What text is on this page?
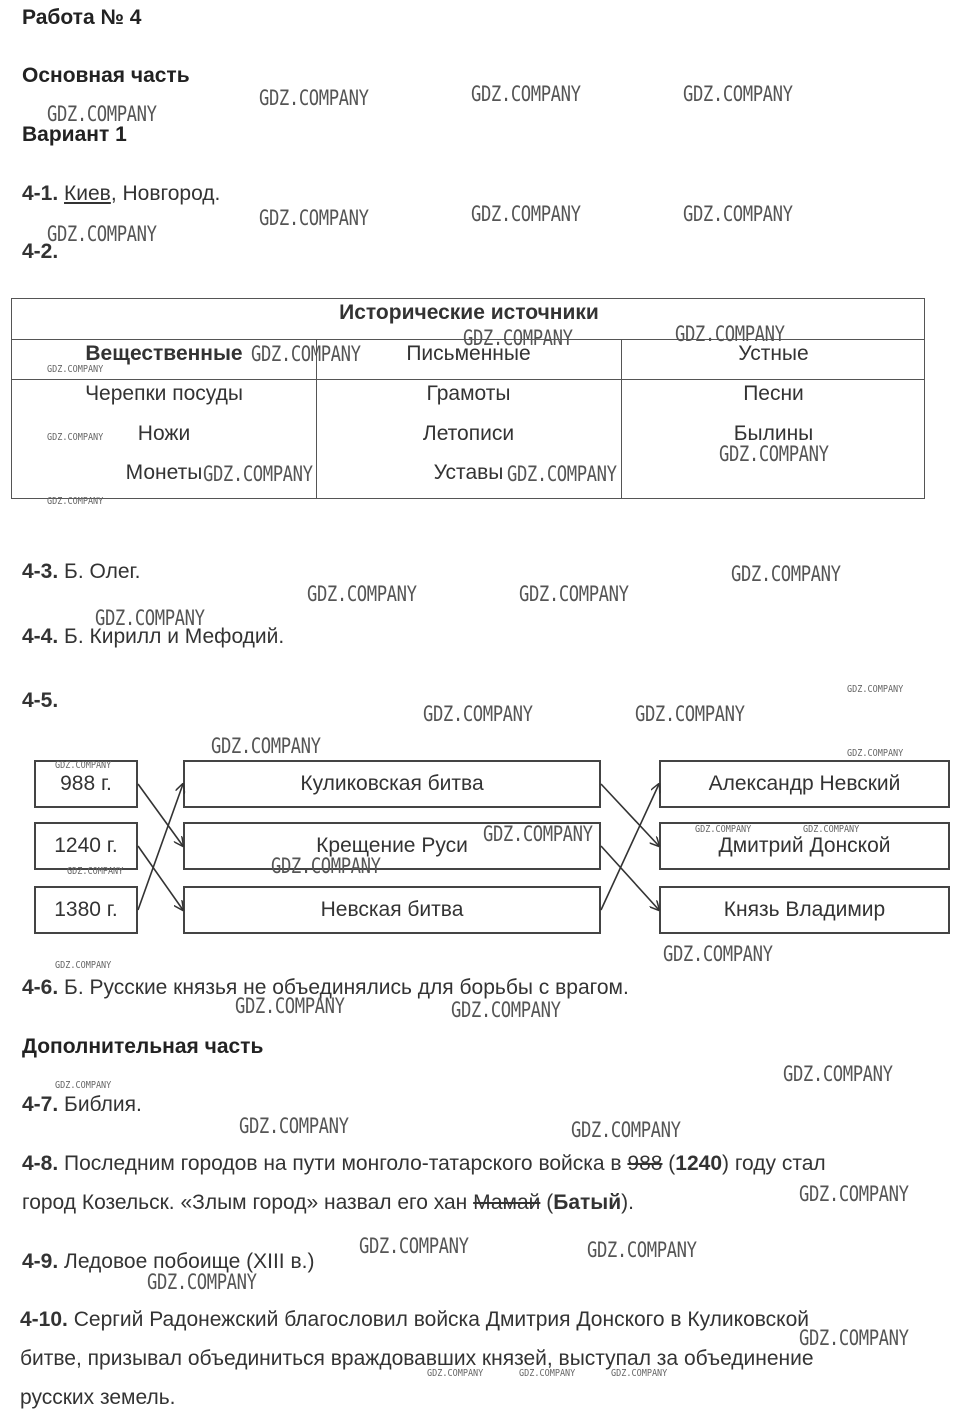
Работа № 4
Основная часть
Вариант 1
4-1. Киев, Новгород.
4-2.
Исторические источники
Вещественные	Письменные	Устные
Черепки посуды	Грамоты	Песни
Ножи	Летописи	Былины
Монеты	Уставы
4-3. Б. Олег.
4-4. Б. Кирилл и Мефодий.
4-5.
988 г.
1240 г.
1380 г.
Куликовская битва
Крещение Руси
Невская битва
Александр Невский
Дмитрий Донской
Князь Владимир
4-6. Б. Русские князья не объединялись для борьбы с врагом.
Дополнительная часть
4-7. Библия.
4-8. Последним городов на пути монголо-татарского войска в 988 (1240) году стал
город Козельск. «Злым город» назвал его хан Мамай (Батый).
4-9. Ледовое побоище (XIII в.)
4-10. Сергий Радонежский благословил войска Дмитрия Донского в Куликовской
битве, призывал объединиться враждовавших князей, выступал за объединение
русских земель.
GDZ.COMPANY
GDZ.COMPANY	GDZ.COMPANY	GDZ.COMPANY
GDZ.COMPANY
GDZ.COMPANY	GDZ.COMPANY	GDZ.COMPANY
GDZ.COMPANY	GDZ.COMPANY
GDZ.COMPANY
GDZ.COMPANY
GDZ.COMPANY	GDZ.COMPANY
GDZ.COMPANY
GDZ.COMPANY	GDZ.COMPANY
GDZ.COMPANY
GDZ.COMPANY	GDZ.COMPANY
GDZ.COMPANY
GDZ.COMPANY
GDZ.COMPANY
GDZ.COMPANY
GDZ.COMPANY	GDZ.COMPANY
GDZ.COMPANY
GDZ.COMPANY	GDZ.COMPANY
GDZ.COMPANY
GDZ.COMPANY	GDZ.COMPANY
GDZ.COMPANY
GDZ.COMPANY
GDZ.COMPANY
GDZ.COMPANY
GDZ.COMPANY
GDZ.COMPANY
GDZ.COMPANY
GDZ.COMPANY
GDZ.COMPANY	GDZ.COMPANY
GDZ.COMPANY
GDZ.COMPANY
GDZ.COMPANY
GDZ.COMPANY	GDZ.COMPANY	GDZ.COMPANY
